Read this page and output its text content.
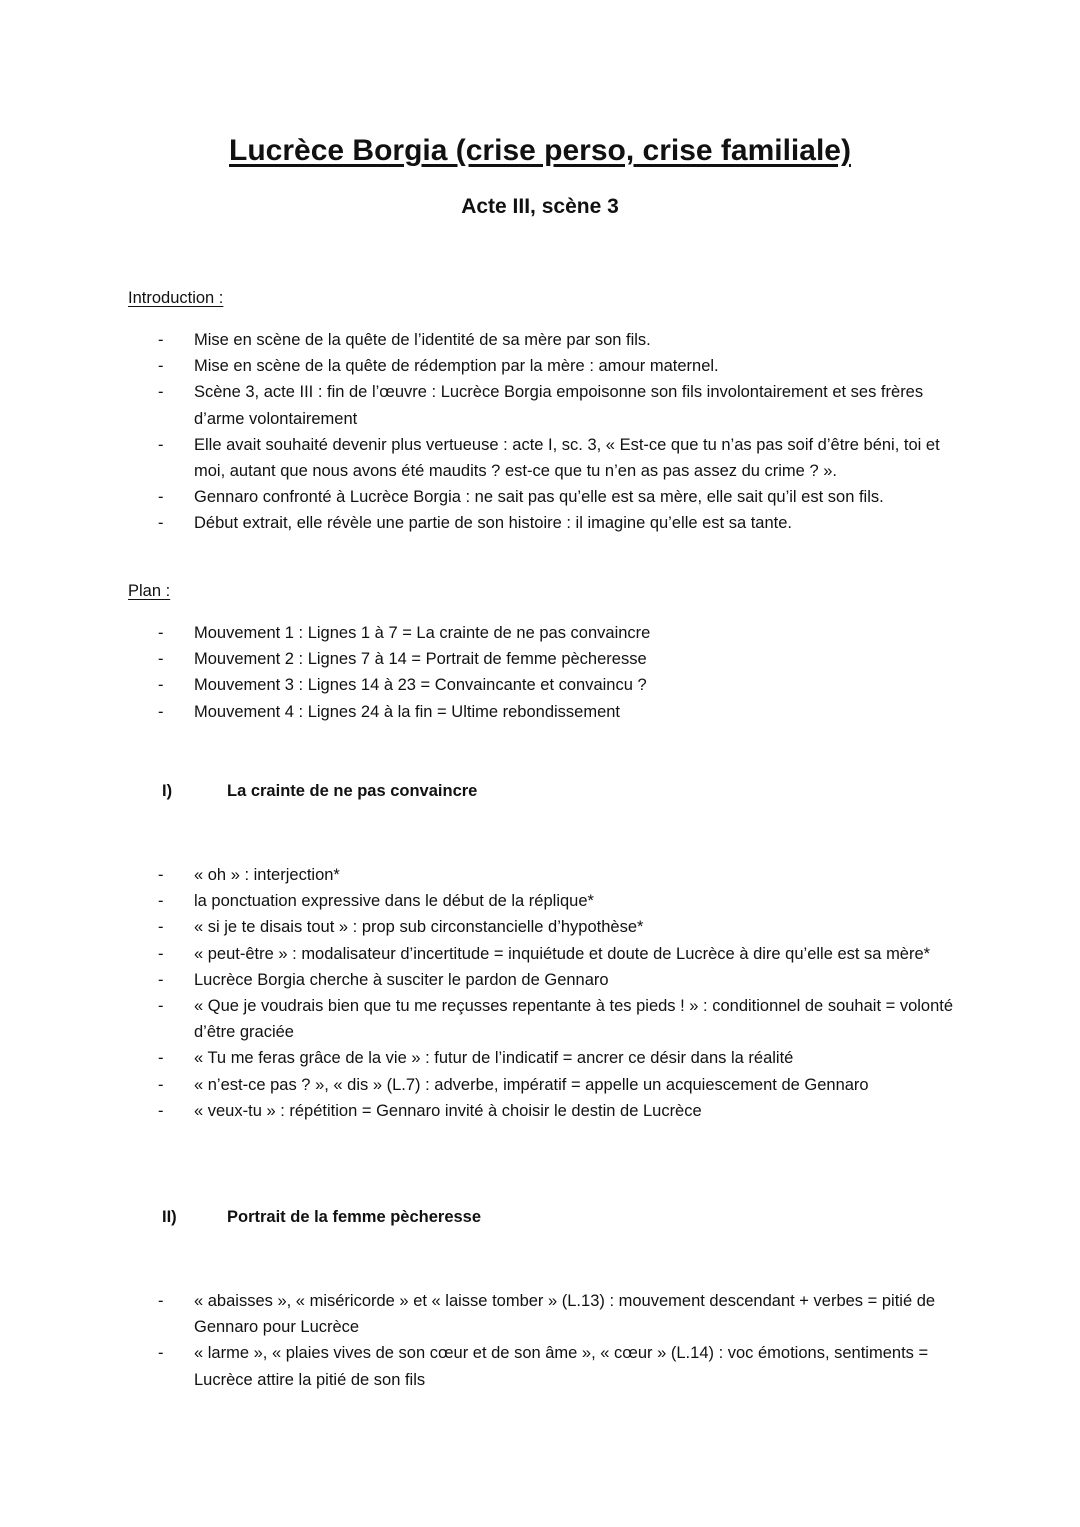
Lucrèce Borgia (crise perso, crise familiale)
Acte III, scène 3
Introduction :
- Mise en scène de la quête de l’identité de sa mère par son fils.
- Mise en scène de la quête de rédemption par la mère : amour maternel.
- Scène 3, acte III : fin de l’œuvre : Lucrèce Borgia empoisonne son fils involontairement et ses frères d’arme volontairement
- Elle avait souhaité devenir plus vertueuse : acte I, sc. 3, « Est-ce que tu n’as pas soif d’être béni, toi et moi, autant que nous avons été maudits ? est-ce que tu n’en as pas assez du crime ? ».
- Gennaro confronté à Lucrèce Borgia : ne sait pas qu’elle est sa mère, elle sait qu’il est son fils.
- Début extrait, elle révèle une partie de son histoire : il imagine qu’elle est sa tante.
Plan :
- Mouvement 1 : Lignes 1 à 7 = La crainte de ne pas convaincre
- Mouvement 2 : Lignes 7 à 14 = Portrait de femme pècheresse
- Mouvement 3 : Lignes 14 à 23 = Convaincante et convaincu ?
- Mouvement 4 : Lignes 24 à la fin = Ultime rebondissement
I)	La crainte de ne pas convaincre
- « oh » : interjection*
- la ponctuation expressive dans le début de la réplique*
- « si je te disais tout » : prop sub circonstancielle d’hypothèse*
- « peut-être » : modalisateur d’incertitude = inquiétude et doute de Lucrèce à dire qu’elle est sa mère*
- Lucrèce Borgia cherche à susciter le pardon de Gennaro
- « Que je voudrais bien que tu me reçusses repentante à tes pieds ! » : conditionnel de souhait = volonté d’être graciée
- « Tu me feras grâce de la vie » : futur de l’indicatif = ancrer ce désir dans la réalité
- « n’est-ce pas ? », « dis » (L.7) : adverbe, impératif = appelle un acquiescement de Gennaro
- « veux-tu » : répétition = Gennaro invité à choisir le destin de Lucrèce
II)	Portrait de la femme pècheresse
- « abaisses », « miséricorde » et « laisse tomber » (L.13) : mouvement descendant + verbes = pitié de Gennaro pour Lucrèce
- « larme », « plaies vives de son cœur et de son âme », « cœur » (L.14) : voc émotions, sentiments = Lucrèce attire la pitié de son fils
